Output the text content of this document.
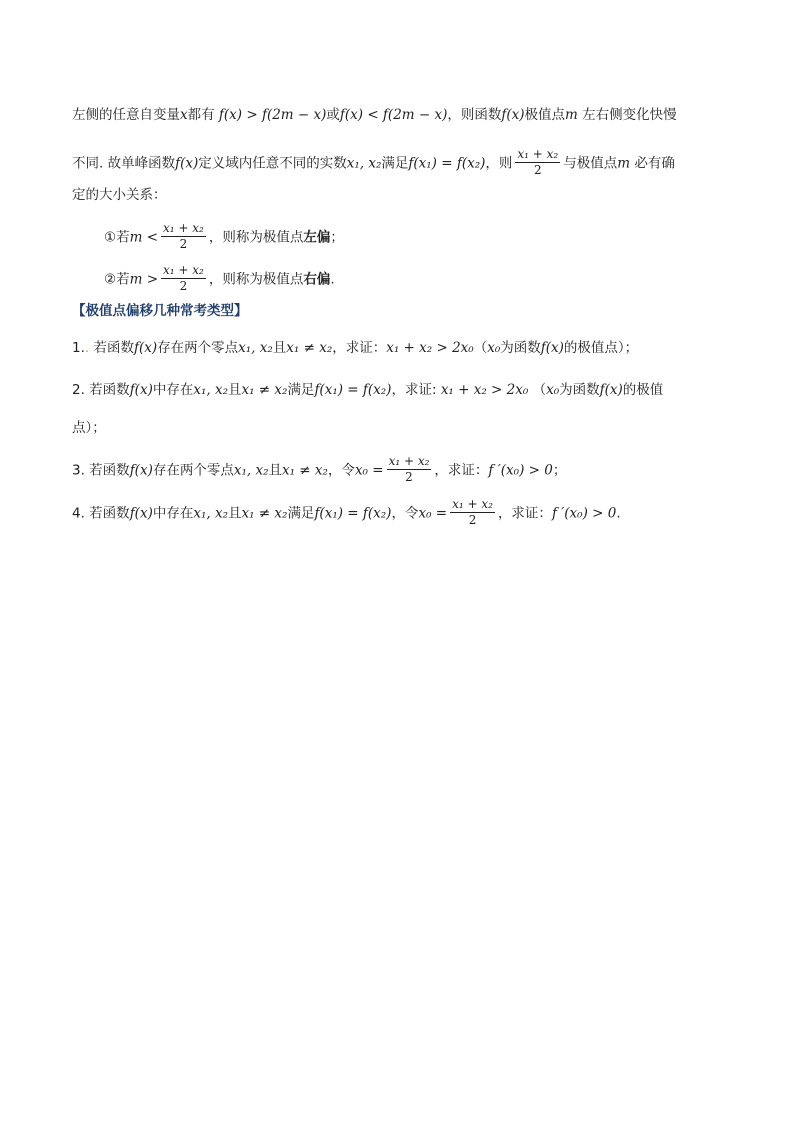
左侧的任意自变量x都有 f(x) > f(2m − x)或f(x) < f(2m − x)，则函数f(x)极值点m 左右侧变化快慢
不同. 故单峰函数f(x)定义域内任意不同的实数x₁, x₂满足f(x₁) = f(x₂)，则 $\frac{\text{x₁ + x₂}}{2}$ 与极值点m 必有确
定的大小关系：
①若$m < \frac{\text{x₁ + x₂}}{2}$ ，则称为极值点左偏；
②若$m > \frac{\text{x₁ + x₂}}{2}$ ，则称为极值点右偏.
【极值点偏移几种常考类型】
1.. 若函数f(x)存在两个零点x₁, x₂且x₁ ≠ x₂，求证：x₁ + x₂ > 2x₀（x₀为函数f(x)的极值点）；
2. 若函数f(x)中存在x₁, x₂且x₁ ≠ x₂满足f(x₁) = f(x₂)，求证: x₁ + x₂ > 2x₀ （x₀为函数f(x)的极值
点）；
3. 若函数f(x)存在两个零点x₁, x₂且x₁ ≠ x₂，令$x_0 = \frac{\text{x₁ + x₂}}{2}$ ，求证：f ′(x₀) > 0；
4. 若函数f(x)中存在x₁, x₂且x₁ ≠ x₂满足f(x₁) = f(x₂)，令$x_0 = \frac{\text{x₁ + x₂}}{2}$ ，求证：f ′(x₀) > 0.
